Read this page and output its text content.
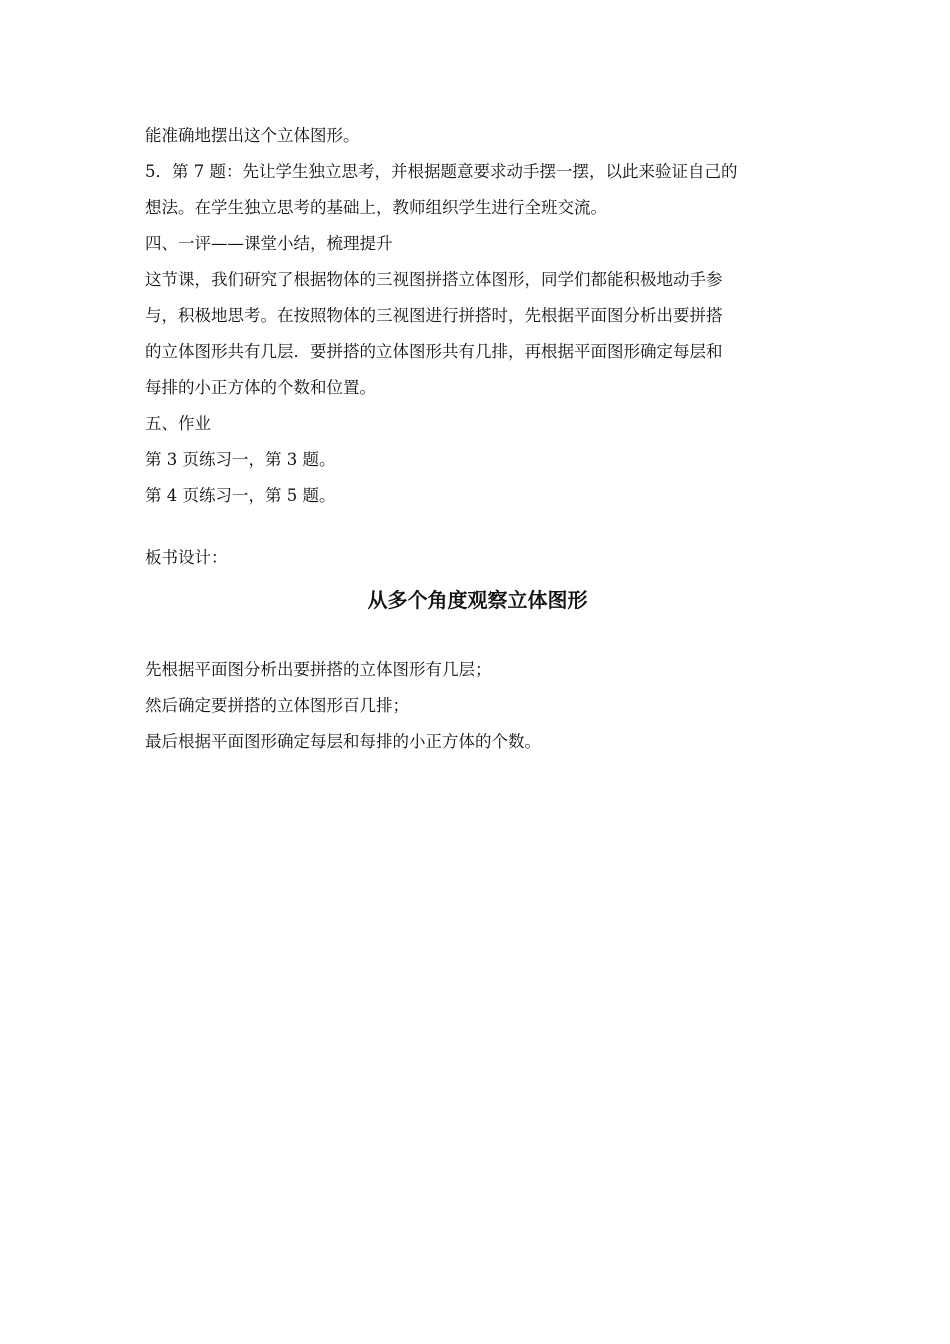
能准确地摆出这个立体图形。
5．第 7 题：先让学生独立思考，并根据题意要求动手摆一摆，以此来验证自己的
想法。在学生独立思考的基础上，教师组织学生进行全班交流。
四、一评——课堂小结，梳理提升
这节课，我们研究了根据物体的三视图拼搭立体图形，同学们都能积极地动手参
与，积极地思考。在按照物体的三视图进行拼搭时，先根据平面图分析出要拼搭
的立体图形共有几层．要拼搭的立体图形共有几排，再根据平面图形确定每层和
每排的小正方体的个数和位置。
五、作业
第 3 页练习一，第 3 题。
第 4 页练习一，第 5 题。
板书设计：
从多个角度观察立体图形
先根据平面图分析出要拼搭的立体图形有几层；
然后确定要拼搭的立体图形百几排；
最后根据平面图形确定每层和每排的小正方体的个数。
